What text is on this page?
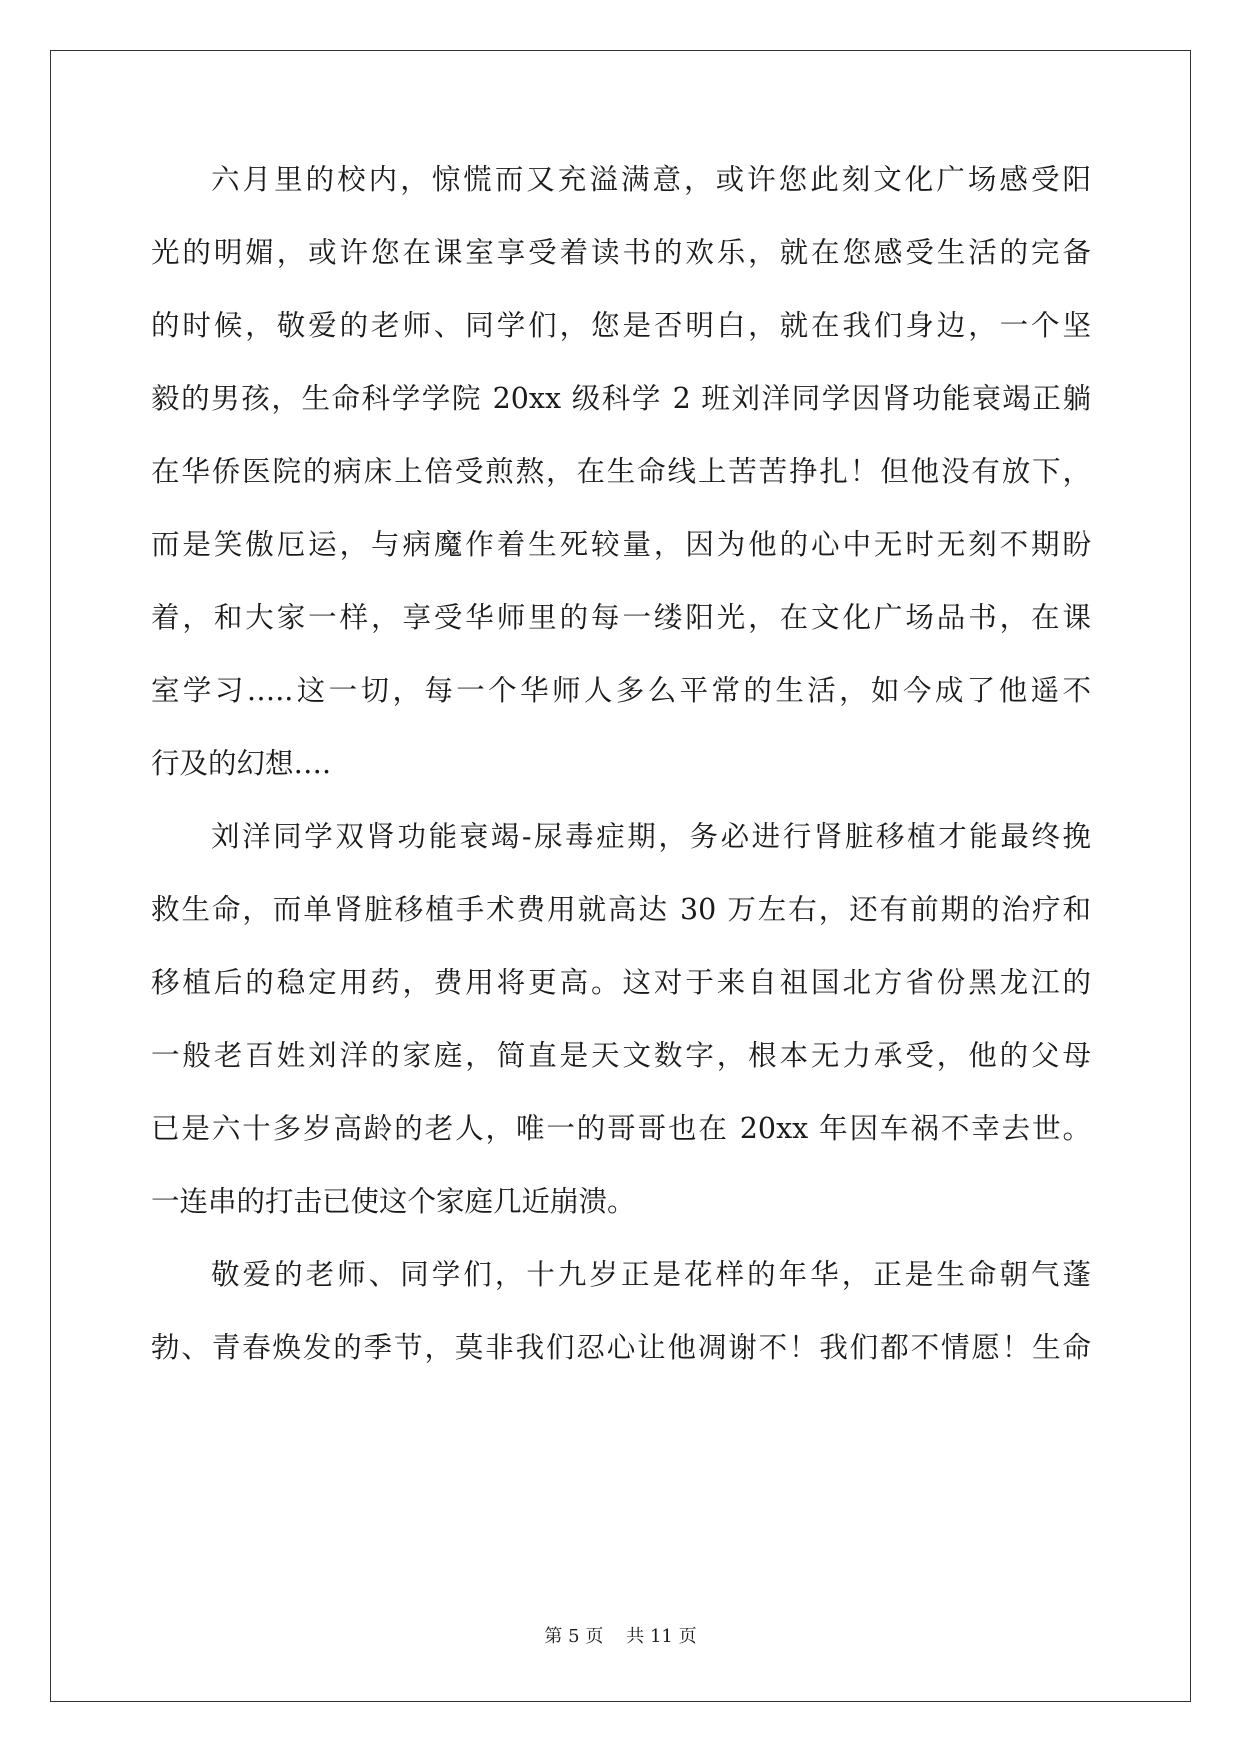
六月里的校内，惊慌而又充溢满意，或许您此刻文化广场感受阳
光的明媚，或许您在课室享受着读书的欢乐，就在您感受生活的完备
的时候，敬爱的老师、同学们，您是否明白，就在我们身边，一个坚
毅的男孩，生命科学学院 20xx 级科学 2 班刘洋同学因肾功能衰竭正躺
在华侨医院的病床上倍受煎熬，在生命线上苦苦挣扎！但他没有放下，
而是笑傲厄运，与病魔作着生死较量，因为他的心中无时无刻不期盼
着，和大家一样，享受华师里的每一缕阳光，在文化广场品书，在课
室学习…..这一切，每一个华师人多么平常的生活，如今成了他遥不
行及的幻想….
刘洋同学双肾功能衰竭-尿毒症期，务必进行肾脏移植才能最终挽
救生命，而单肾脏移植手术费用就高达 30 万左右，还有前期的治疗和
移植后的稳定用药，费用将更高。这对于来自祖国北方省份黑龙江的
一般老百姓刘洋的家庭，简直是天文数字，根本无力承受，他的父母
已是六十多岁高龄的老人，唯一的哥哥也在 20xx 年因车祸不幸去世。
一连串的打击已使这个家庭几近崩溃。
敬爱的老师、同学们，十九岁正是花样的年华，正是生命朝气蓬
勃、青春焕发的季节，莫非我们忍心让他凋谢不！我们都不情愿！生命
第 5 页 共 11 页
